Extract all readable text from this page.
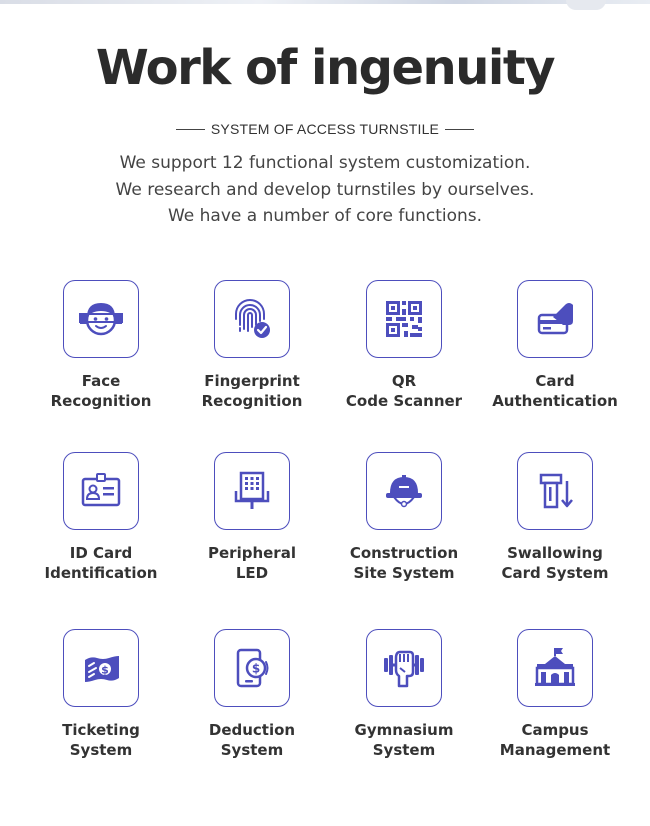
Work of ingenuity
SYSTEM OF ACCESS TURNSTILE
We support 12 functional system customization.
We research and develop turnstiles by ourselves.
We have a number of core functions.
Face
Recognition
Fingerprint
Recognition
QR
Code Scanner
Card
Authentication
ID Card
Identification
Peripheral
LED
Construction
Site System
Swallowing
Card System
$
Ticketing
System
$
Deduction
System
Gymnasium
System
Campus
Management
